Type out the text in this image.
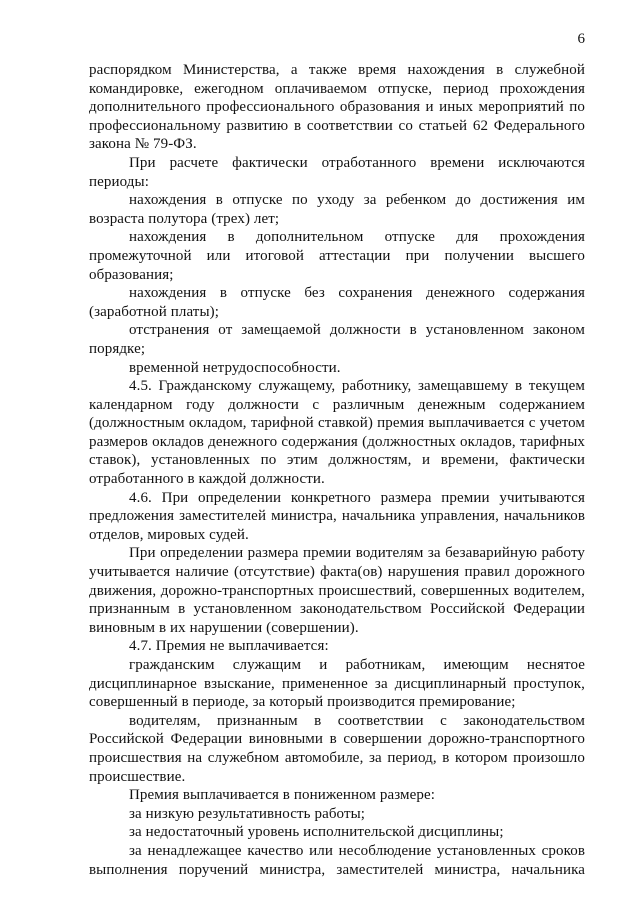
6

распорядком Министерства, а также время нахождения в служебной командировке, ежегодном оплачиваемом отпуске, период прохождения дополнительного профессионального образования и иных мероприятий по профессиональному развитию в соответствии со статьей 62 Федерального закона № 79-ФЗ.

При расчете фактически отработанного времени исключаются периоды:

нахождения в отпуске по уходу за ребенком до достижения им возраста полутора (трех) лет;

нахождения в дополнительном отпуске для прохождения промежуточной или итоговой аттестации при получении высшего образования;

нахождения в отпуске без сохранения денежного содержания (заработной платы);

отстранения от замещаемой должности в установленном законом порядке;

временной нетрудоспособности.

4.5. Гражданскому служащему, работнику, замещавшему в текущем календарном году должности с различным денежным содержанием (должностным окладом, тарифной ставкой) премия выплачивается с учетом размеров окладов денежного содержания (должностных окладов, тарифных ставок), установленных по этим должностям, и времени, фактически отработанного в каждой должности.

4.6. При определении конкретного размера премии учитываются предложения заместителей министра, начальника управления, начальников отделов, мировых судей.

При определении размера премии водителям за безаварийную работу учитывается наличие (отсутствие) факта(ов) нарушения правил дорожного движения, дорожно-транспортных происшествий, совершенных водителем, признанным в установленном законодательством Российской Федерации виновным в их нарушении (совершении).

4.7. Премия не выплачивается:

гражданским служащим и работникам, имеющим неснятое дисциплинарное взыскание, примененное за дисциплинарный проступок, совершенный в периоде, за который производится премирование;

водителям, признанным в соответствии с законодательством Российской Федерации виновными в совершении дорожно-транспортного происшествия на служебном автомобиле, за период, в котором произошло происшествие.

Премия выплачивается в пониженном размере:

за низкую результативность работы;

за недостаточный уровень исполнительской дисциплины;

за ненадлежащее качество или несоблюдение установленных сроков выполнения поручений министра, заместителей министра, начальника
